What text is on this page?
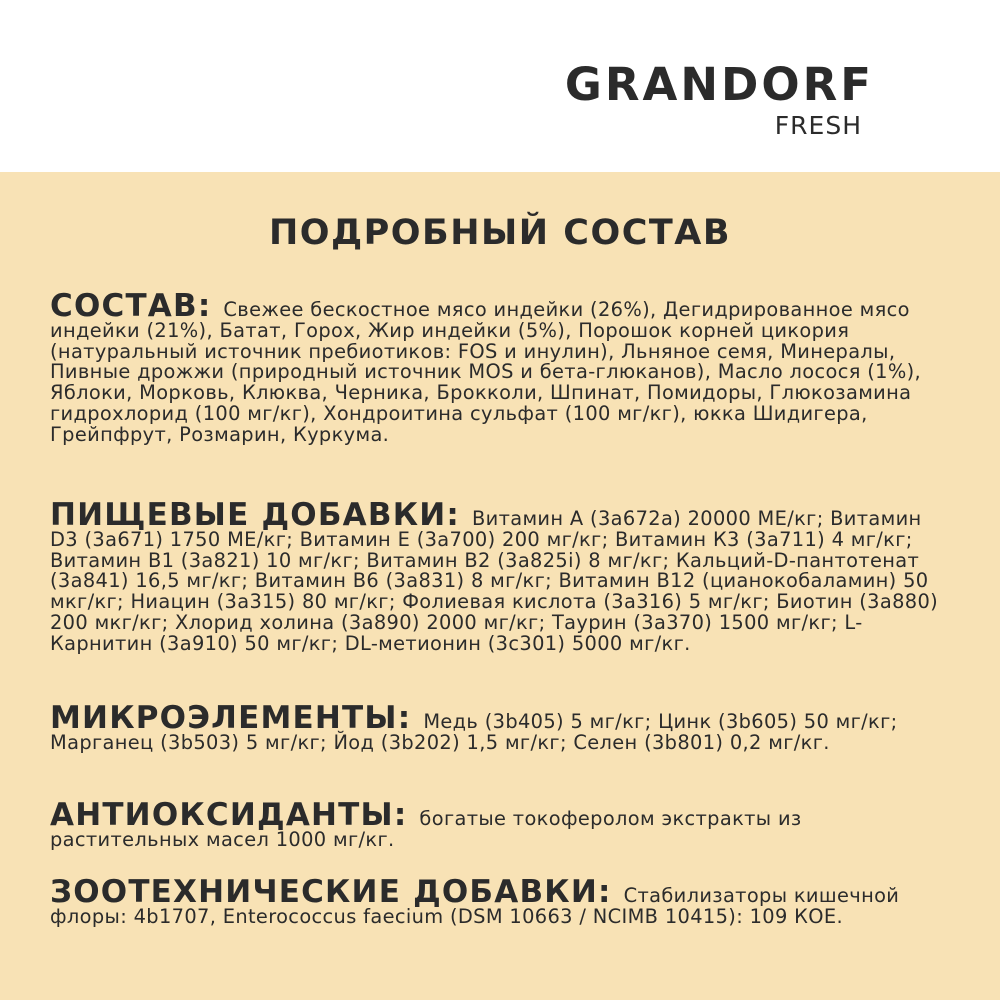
GRANDORF
FRESH
ПОДРОБНЫЙ СОСТАВ
СОСТАВ: Свежее бескостное мясо индейки (26%), Дегидрированное мясо индейки (21%), Батат, Горох, Жир индейки (5%), Порошок корней цикория (натуральный источник пребиотиков: FOS и инулин), Льняное семя, Минералы, Пивные дрожжи (природный источник MOS и бета-глюканов), Масло лосося (1%), Яблоки, Морковь, Клюква, Черника, Брокколи, Шпинат, Помидоры, Глюкозамина гидрохлорид (100 мг/кг), Хондроитина сульфат (100 мг/кг), юкка Шидигера, Грейпфрут, Розмарин, Куркума.
ПИЩЕВЫЕ ДОБАВКИ: Витамин А (3a672a) 20000 МЕ/кг; Витамин D3 (3a671) 1750 МЕ/кг; Витамин Е (3a700) 200 мг/кг; Витамин К3 (3a711) 4 мг/кг; Витамин В1 (3a821) 10 мг/кг; Витамин В2 (3a825i) 8 мг/кг; Кальций-D-пантотенат (3a841) 16,5 мг/кг; Витамин В6 (3a831) 8 мг/кг; Витамин В12 (цианокобаламин) 50 мкг/кг; Ниацин (3a315) 80 мг/кг; Фолиевая кислота (3a316) 5 мг/кг; Биотин (3a880) 200 мкг/кг; Хлорид холина (3a890) 2000 мг/кг; Таурин (3a370) 1500 мг/кг; L-Карнитин (3a910) 50 мг/кг; DL-метионин (3c301) 5000 мг/кг.
МИКРОЭЛЕМЕНТЫ: Медь (3b405) 5 мг/кг; Цинк (3b605) 50 мг/кг; Марганец (3b503) 5 мг/кг; Йод (3b202) 1,5 мг/кг; Селен (3b801) 0,2 мг/кг.
АНТИОКСИДАНТЫ: богатые токоферолом экстракты из растительных масел 1000 мг/кг.
ЗООТЕХНИЧЕСКИЕ ДОБАВКИ: Стабилизаторы кишечной флоры: 4b1707, Enterococcus faecium (DSM 10663 / NCIMB 10415): 109 КОЕ.
